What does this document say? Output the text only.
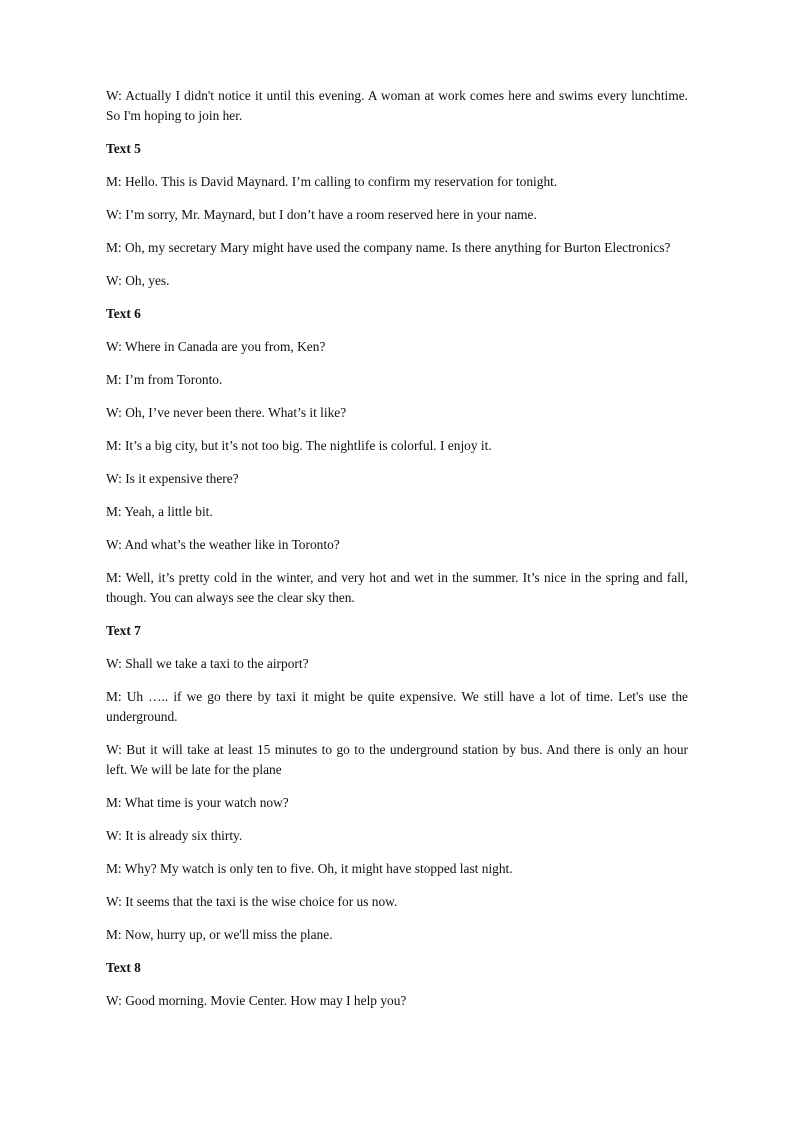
W: Actually I didn't notice it until this evening. A woman at work comes here and swims every lunchtime. So I'm hoping to join her.

Text 5

M: Hello. This is David Maynard. I’m calling to confirm my reservation for tonight.

W: I’m sorry, Mr. Maynard, but I don’t have a room reserved here in your name.

M: Oh, my secretary Mary might have used the company name. Is there anything for Burton Electronics?

W: Oh, yes.

Text 6

W: Where in Canada are you from, Ken?

M: I’m from Toronto.

W: Oh, I’ve never been there. What’s it like?

M: It’s a big city, but it’s not too big. The nightlife is colorful. I enjoy it.

W: Is it expensive there?

M: Yeah, a little bit.

W: And what’s the weather like in Toronto?

M: Well, it’s pretty cold in the winter, and very hot and wet in the summer. It’s nice in the spring and fall, though. You can always see the clear sky then.

Text 7

W: Shall we take a taxi to the airport?

M: Uh ….. if we go there by taxi it might be quite expensive. We still have a lot of time. Let's use the underground.

W: But it will take at least 15 minutes to go to the underground station by bus. And there is only an hour left. We will be late for the plane

M: What time is your watch now?

W: It is already six thirty.

M: Why? My watch is only ten to five. Oh, it might have stopped last night.

W: It seems that the taxi is the wise choice for us now.

M: Now, hurry up, or we'll miss the plane.

Text 8

W: Good morning. Movie Center. How may I help you?
